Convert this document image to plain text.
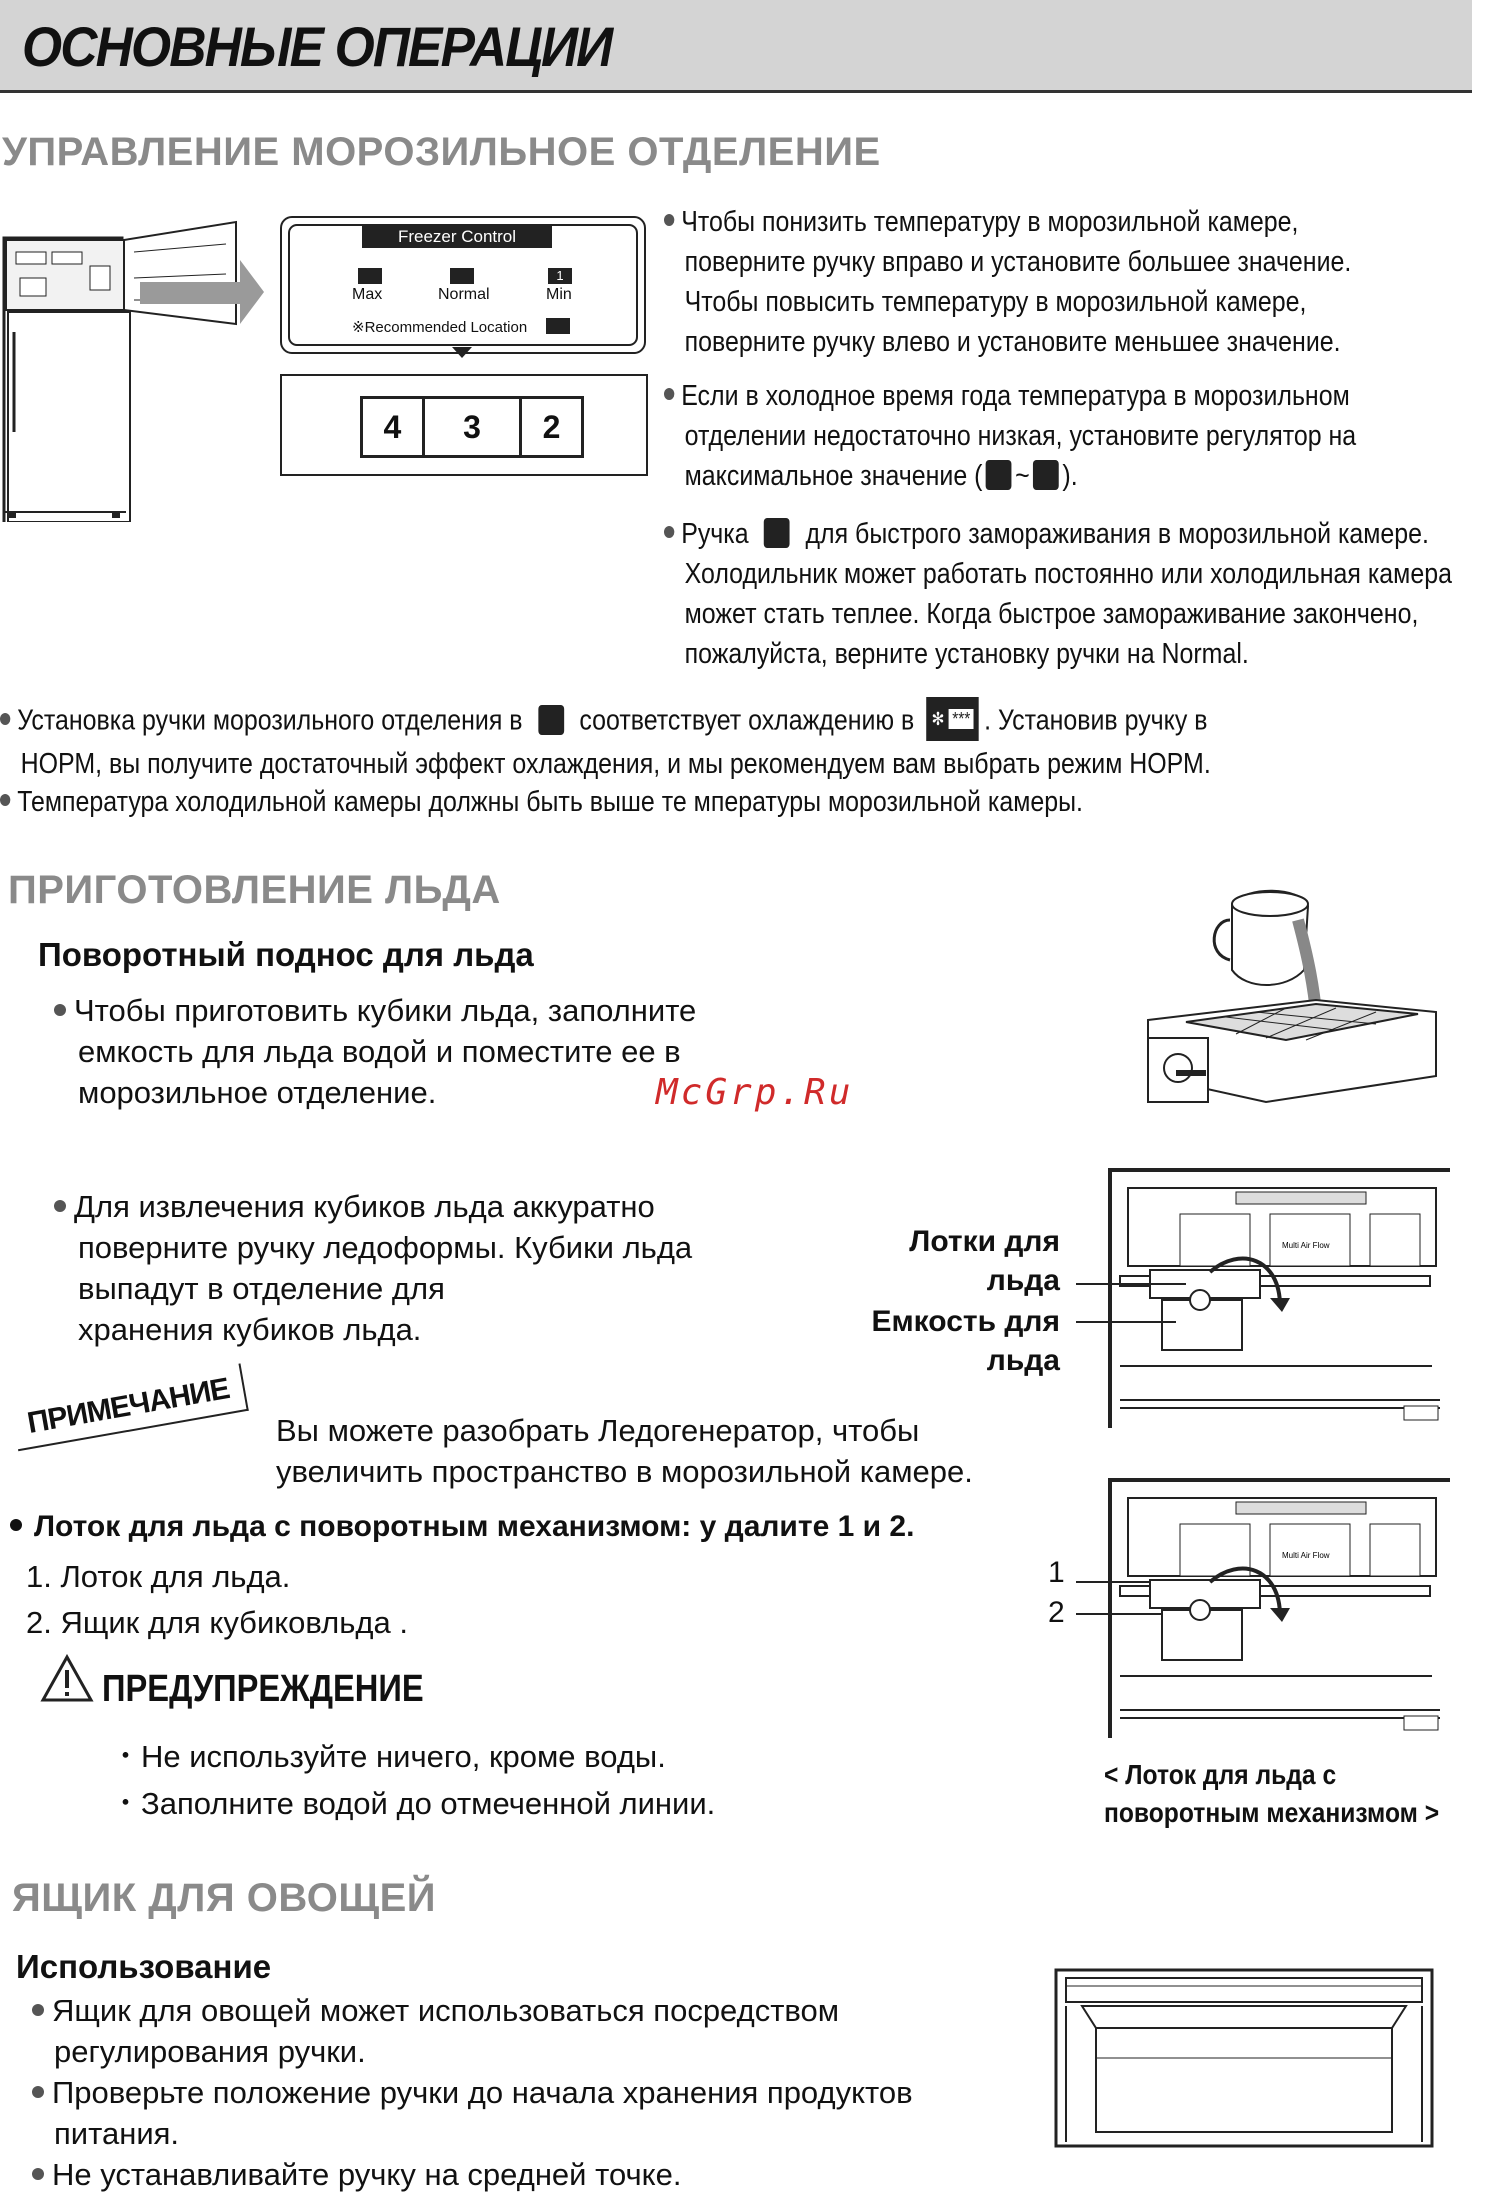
ОСНОВНЫЕ ОПЕРАЦИИ
УПРАВЛЕНИЕ МОРОЗИЛЬНОЕ ОТДЕЛЕНИЕ
Freezer Control
Max	Normal
1
Min
※Recommended Location
4	3	2
Чтобы понизить температуру в морозильной камере,
поверните ручку вправо и установите большее значение.
Чтобы повысить температуру в морозильной камере,
поверните ручку влево и установите меньшее значение.
Если в холодное время года температура в морозильном
отделении недостаточно низкая, установите регулятор на
максимальное значение ( ~ ).
Ручка для быстрого замораживания в морозильной камере.
Холодильник может работать постоянно или холодильная камера
может стать теплее. Когда быстрое замораживание закончено,
пожалуйста, верните установку ручки на Normal.
Установка ручки морозильного отделения в соответствует охлаждению в ✻ *** . Установив ручку в
НОРМ, вы получите достаточный эффект охлаждения, и мы рекомендуем вам выбрать режим НОРМ.
Температура холодильной камеры должны быть выше те мпературы морозильной камеры.
ПРИГОТОВЛЕНИЕ ЛЬДА
Поворотный поднос для льда
Чтобы приготовить кубики льда, заполните
емкость для льда водой и поместите ее в
морозильное отделение.	McGrp.Ru
Для извлечения кубиков льда аккуратно
поверните ручку ледоформы. Кубики льда
выпадут в отделение для
хранения кубиков льда.
Лотки для
льда
Емкость для
льда
Multi Air Flow
ПРИМЕЧАНИЕ	Вы можете разобрать Ледогенератор, чтобы
увеличить пространство в морозильной камере.
Лоток для льда с поворотным механизмом: у далите 1 и 2.
1. Лоток для льда.
2. Ящик для кубиковльда .
ПРЕДУПРЕЖДЕНИЕ
・Не используйте ничего, кроме воды.
・Заполните водой до отмеченной линии.
1
2
Multi Air Flow
< Лоток для льда с
поворотным механизмом >
ЯЩИК ДЛЯ ОВОЩЕЙ
Использование
Ящик для овощей может использоваться посредством
регулирования ручки.
Проверьте положение ручки до начала хранения продуктов
питания.
Не устанавливайте ручку на средней точке.
